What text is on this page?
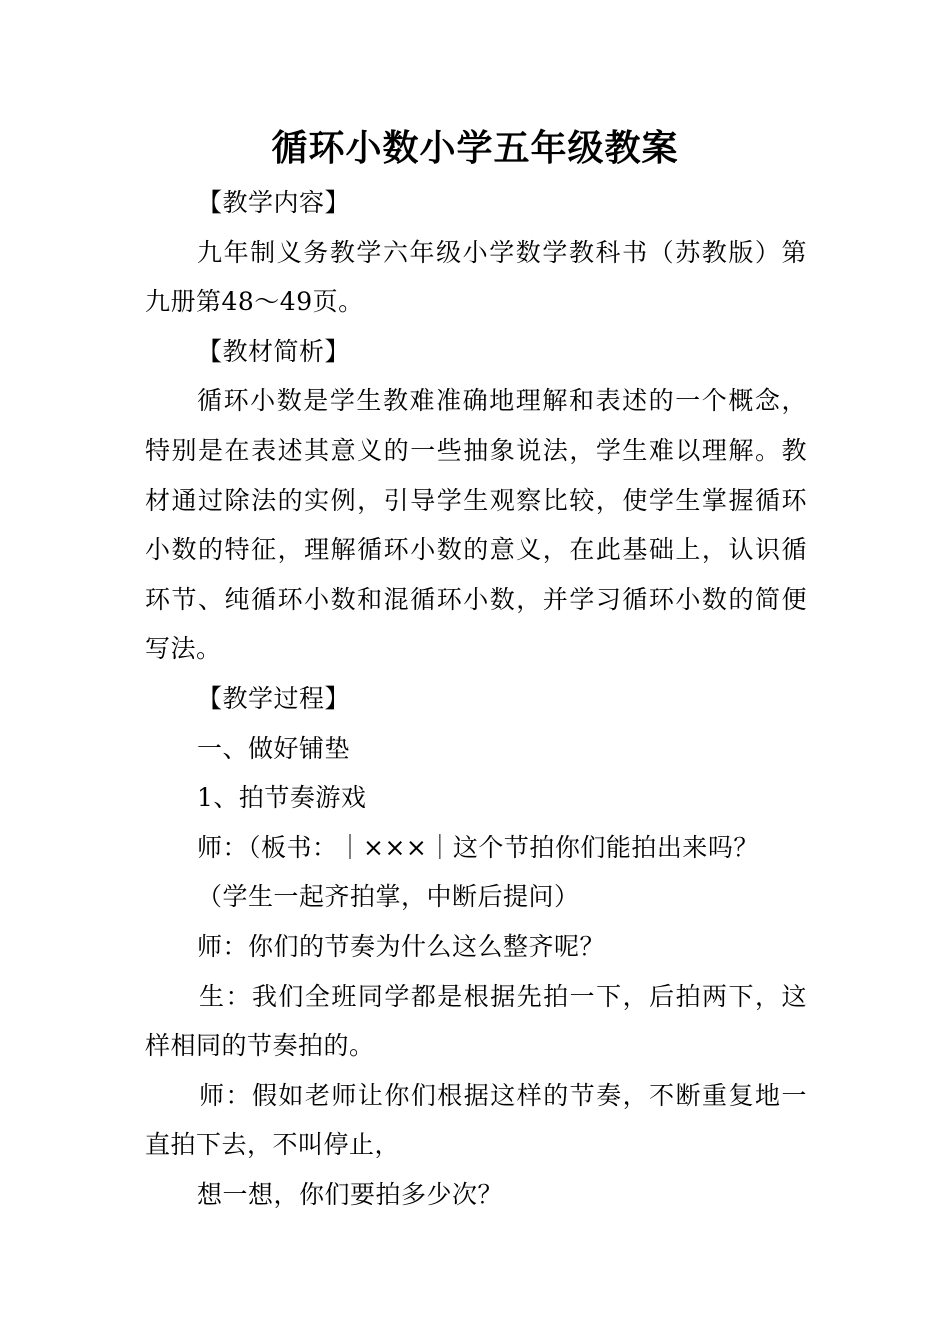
循环小数小学五年级教案

【教学内容】

九年制义务教学六年级小学数学教科书（苏教版）第九册第48～49页。

【教材简析】

循环小数是学生教难准确地理解和表述的一个概念，特别是在表述其意义的一些抽象说法，学生难以理解。教材通过除法的实例，引导学生观察比较，使学生掌握循环小数的特征，理解循环小数的意义，在此基础上，认识循环节、纯循环小数和混循环小数，并学习循环小数的简便写法。

【教学过程】

一、做好铺垫

1、拍节奏游戏

师：（板书：｜×××｜这个节拍你们能拍出来吗？

（学生一起齐拍掌，中断后提问）

师：你们的节奏为什么这么整齐呢？

生：我们全班同学都是根据先拍一下，后拍两下，这样相同的节奏拍的。

师：假如老师让你们根据这样的节奏，不断重复地一直拍下去，不叫停止，

想一想，你们要拍多少次？
